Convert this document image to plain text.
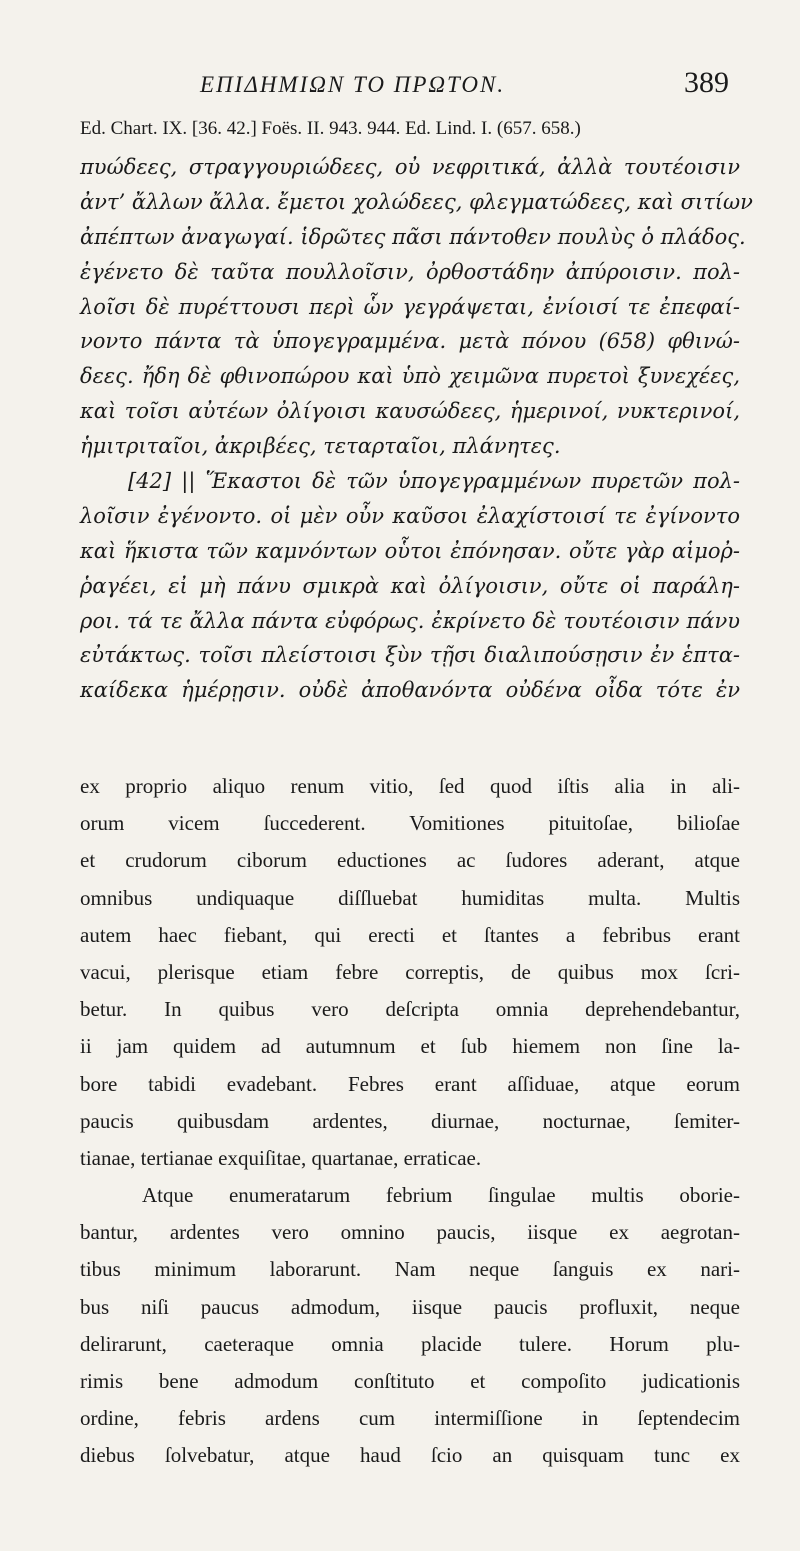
ΕΠΙΔΗΜΙΩΝ ΤΟ ΠΡΩΤΟΝ.	389
Ed. Chart. IX. [36. 42.] Foës. II. 943. 944. Ed. Lind. I. (657. 658.)
πυώδεες, στραγγουριώδεες, οὐ νεφριτικά, ἀλλὰ τουτέοισιν
ἀντ’ ἄλλων ἄλλα. ἔμετοι χολώδεες, φλεγματώδεες, καὶ σιτίων
ἀπέπτων ἀναγωγαί. ἱδρῶτες πᾶσι πάντοθεν πουλὺς ὁ πλάδος.
ἐγένετο δὲ ταῦτα πουλλοῖσιν, ὀρθοστάδην ἀπύροισιν. πολ-
λοῖσι δὲ πυρέττουσι περὶ ὧν γεγράψεται, ἐνίοισί τε ἐπεφαί-
νοντο πάντα τὰ ὑπογεγραμμένα. μετὰ πόνου (658) φθινώ-
δεες. ἤδη δὲ φθινοπώρου καὶ ὑπὸ χειμῶνα πυρετοὶ ξυνεχέες,
καὶ τοῖσι αὐτέων ὀλίγοισι καυσώδεες, ἡμερινοί, νυκτερινοί,
ἡμιτριταῖοι, ἀκριβέες, τεταρταῖοι, πλάνητες.
[42] || Ἕκαστοι δὲ τῶν ὑπογεγραμμένων πυρετῶν πολ-
λοῖσιν ἐγένοντο. οἱ μὲν οὖν καῦσοι ἐλαχίστοισί τε ἐγίνοντο
καὶ ἥκιστα τῶν καμνόντων οὗτοι ἐπόνησαν. οὔτε γὰρ αἱμοῤ-
ῥαγέει, εἰ μὴ πάνυ σμικρὰ καὶ ὀλίγοισιν, οὔτε οἱ παράλη-
ροι. τά τε ἄλλα πάντα εὐφόρως. ἐκρίνετο δὲ τουτέοισιν πάνυ
εὐτάκτως. τοῖσι πλείστοισι ξὺν τῇσι διαλιπούσῃσιν ἐν ἑπτα-
καίδεκα ἡμέρῃσιν. οὐδὲ ἀποθανόντα οὐδένα οἶδα τότε ἐν
ex proprio aliquo renum vitio, ſed quod iſtis alia in ali-
orum vicem ſuccederent. Vomitiones pituitoſae, bilioſae
et crudorum ciborum eductiones ac ſudores aderant, atque
omnibus undiquaque diſſluebat humiditas multa. Multis
autem haec fiebant, qui erecti et ſtantes a febribus erant
vacui, plerisque etiam febre correptis, de quibus mox ſcri-
betur. In quibus vero deſcripta omnia deprehendebantur,
ii jam quidem ad autumnum et ſub hiemem non ſine la-
bore tabidi evadebant. Febres erant aſſiduae, atque eorum
paucis quibusdam ardentes, diurnae, nocturnae, ſemiter-
tianae, tertianae exquiſitae, quartanae, erraticae.
Atque enumeratarum febrium ſingulae multis oborie-
bantur, ardentes vero omnino paucis, iisque ex aegrotan-
tibus minimum laborarunt. Nam neque ſanguis ex nari-
bus niſi paucus admodum, iisque paucis profluxit, neque
delirarunt, caeteraque omnia placide tulere. Horum plu-
rimis bene admodum conſtituto et compoſito judicationis
ordine, febris ardens cum intermiſſione in ſeptendecim
diebus ſolvebatur, atque haud ſcio an quisquam tunc ex
